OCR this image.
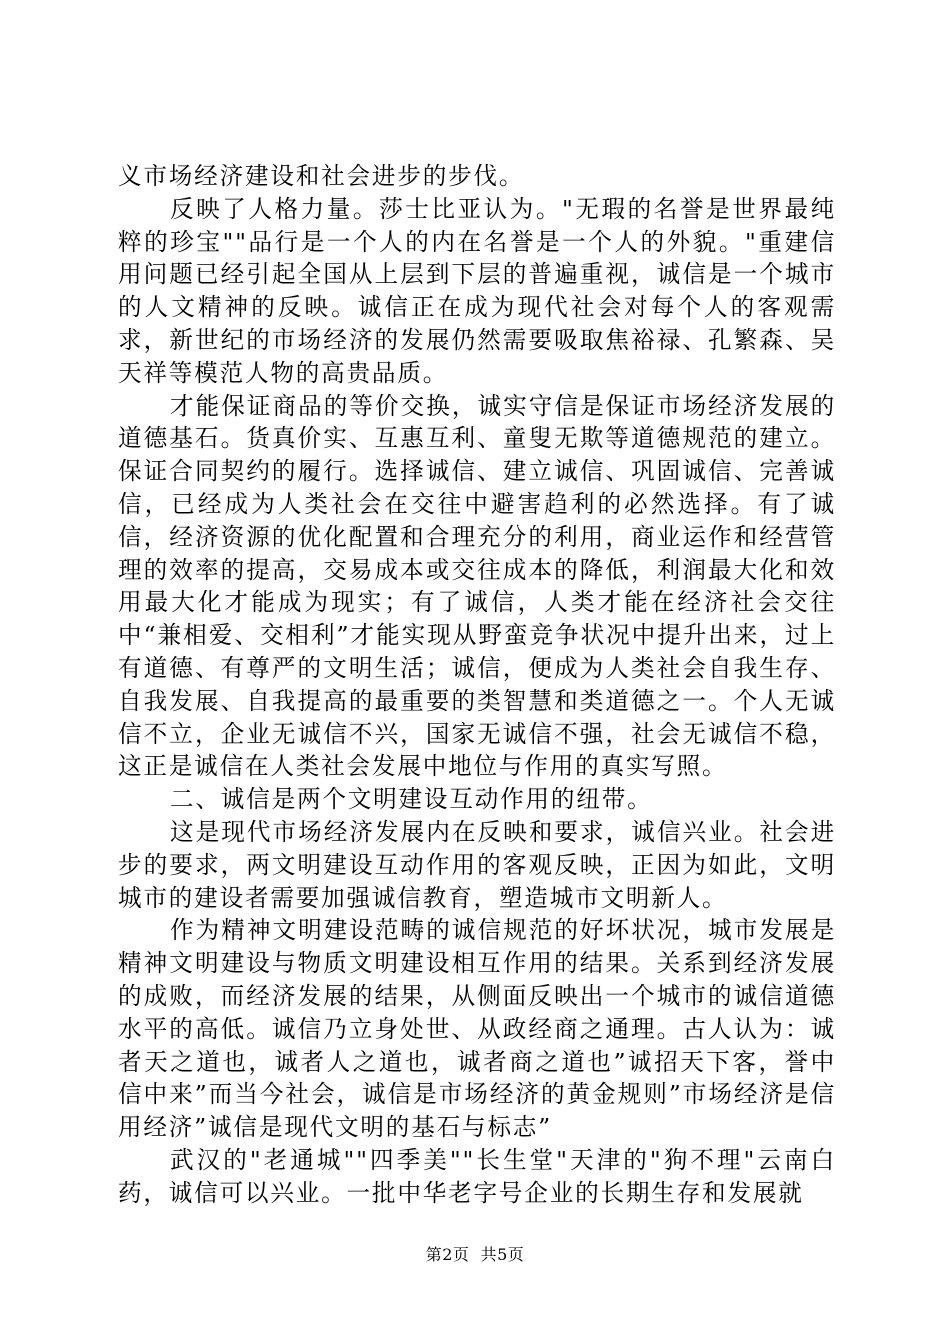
义市场经济建设和社会进步的步伐。

反映了人格力量。莎士比亚认为。"无瑕的名誉是世界最纯粹的珍宝""品行是一个人的内在名誉是一个人的外貌。"重建信用问题已经引起全国从上层到下层的普遍重视，诚信是一个城市的人文精神的反映。诚信正在成为现代社会对每个人的客观需求，新世纪的市场经济的发展仍然需要吸取焦裕禄、孔繁森、吴天祥等模范人物的高贵品质。

才能保证商品的等价交换，诚实守信是保证市场经济发展的道德基石。货真价实、互惠互利、童叟无欺等道德规范的建立。保证合同契约的履行。选择诚信、建立诚信、巩固诚信、完善诚信，已经成为人类社会在交往中避害趋利的必然选择。有了诚信，经济资源的优化配置和合理充分的利用，商业运作和经营管理的效率的提高，交易成本或交往成本的降低，利润最大化和效用最大化才能成为现实；有了诚信，人类才能在经济社会交往中“兼相爱、交相利”才能实现从野蛮竞争状况中提升出来，过上有道德、有尊严的文明生活；诚信，便成为人类社会自我生存、自我发展、自我提高的最重要的类智慧和类道德之一。个人无诚信不立，企业无诚信不兴，国家无诚信不强，社会无诚信不稳，这正是诚信在人类社会发展中地位与作用的真实写照。

二、诚信是两个文明建设互动作用的纽带。

这是现代市场经济发展内在反映和要求，诚信兴业。社会进步的要求，两文明建设互动作用的客观反映，正因为如此，文明城市的建设者需要加强诚信教育，塑造城市文明新人。

作为精神文明建设范畴的诚信规范的好坏状况，城市发展是精神文明建设与物质文明建设相互作用的结果。关系到经济发展的成败，而经济发展的结果，从侧面反映出一个城市的诚信道德水平的高低。诚信乃立身处世、从政经商之通理。古人认为：诚者天之道也，诚者人之道也，诚者商之道也”诚招天下客，誉中信中来”而当今社会，诚信是市场经济的黄金规则”市场经济是信用经济”诚信是现代文明的基石与标志”

武汉的"老通城""四季美""长生堂"天津的"狗不理"云南白药，诚信可以兴业。一批中华老字号企业的长期生存和发展就

第2页  共5页
